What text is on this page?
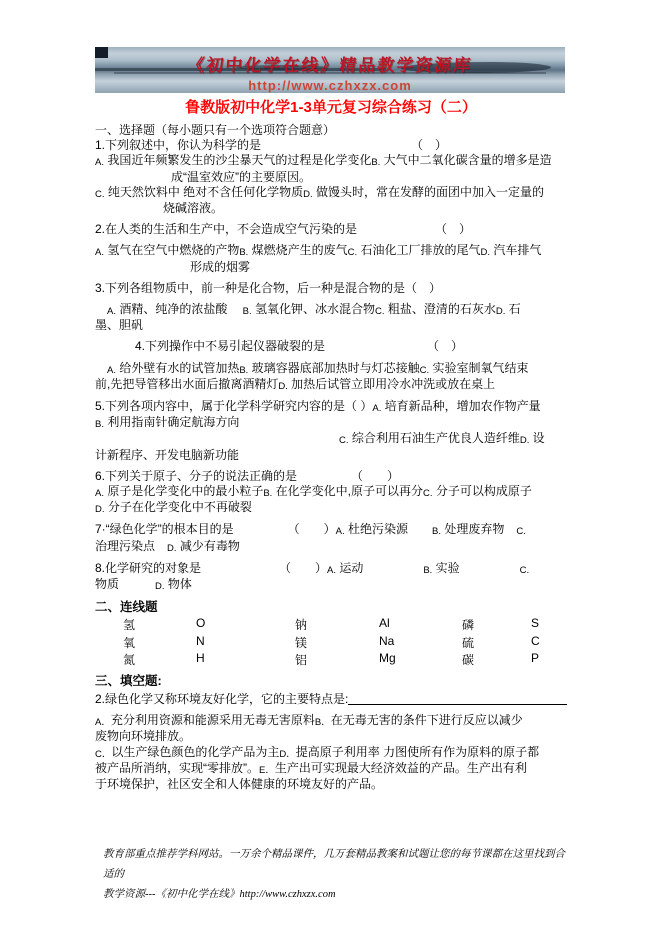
《初中化学在线》精品教学资源库
http://www.czhxzx.com
鲁教版初中化学1-3单元复习综合练习（二）
一、选择题（每小题只有一个选项符合题意）
1.下列叙述中，你认为科学的是　　　　　　　　　　　　　（　）
A. 我国近年频繁发生的沙尘暴天气的过程是化学变化B. 大气中二氧化碳含量的增多是造
成“温室效应”的主要原因。
C. 纯天然饮料中 绝对不含任何化学物质D. 做馒头时，常在发酵的面团中加入一定量的
烧碱溶液。
2.在人类的生活和生产中，不会造成空气污染的是　　　　　　　（　）
A. 氢气在空气中燃烧的产物B. 煤燃烧产生的废气C. 石油化工厂排放的尾气D. 汽车排气
形成的烟雾
3.下列各组物质中，前一种是化合物，后一种是混合物的是（　）
　A. 酒精、纯净的浓盐酸　 B. 氢氧化钾、冰水混合物C. 粗盐、澄清的石灰水D. 石
墨、胆矾
4.下列操作中不易引起仪器破裂的是　　　　　　　　　（　）
　A. 给外壁有水的试管加热B. 玻璃容器底部加热时与灯芯接触C. 实验室制氧气结束
前,先把导管移出水面后撤离酒精灯D. 加热后试管立即用冷水冲洗或放在桌上
5.下列各项内容中，属于化学科学研究内容的是（ ）A. 培育新品种，增加农作物产量
B. 利用指南针确定航海方向
C. 综合利用石油生产优良人造纤维D. 设
计新程序、开发电脑新功能
6.下列关于原子、分子的说法正确的是　　　　　（　　）
A. 原子是化学变化中的最小粒子B. 在化学变化中,原子可以再分C. 分子可以构成原子
D. 分子在化学变化中不再破裂
7·“绿色化学”的根本目的是　　　　　（　　）A. 杜绝污染源　　B. 处理废弃物　C.
治理污染点　D. 减少有毒物
8.化学研究的对象是　　　　　　　（　　）A. 运动　　　　　B. 实验　　　　　C.
物质　　　D. 物体
二、连线题
氢	O	钠	Al	磷	S
氧	N	镁	Na	硫	C
氮	H	铝	Mg	碳	P
三、填空题:
2.绿色化学又称环境友好化学，它的主要特点是:
A．充分利用资源和能源采用无毒无害原料B．在无毒无害的条件下进行反应以减少
废物向环境排放。
C．以生产绿色颜色的化学产品为主D．提高原子利用率 力图使所有作为原料的原子都
被产品所消纳，实现“零排放”。E．生产出可实现最大经济效益的产品。生产出有利
于环境保护，社区安全和人体健康的环境友好的产品。
教育部重点推荐学科网站。一万余个精品课件，几万套精品教案和试题让您的每节课都在这里找到合适的
教学资源---《初中化学在线》http://www.czhxzx.com
